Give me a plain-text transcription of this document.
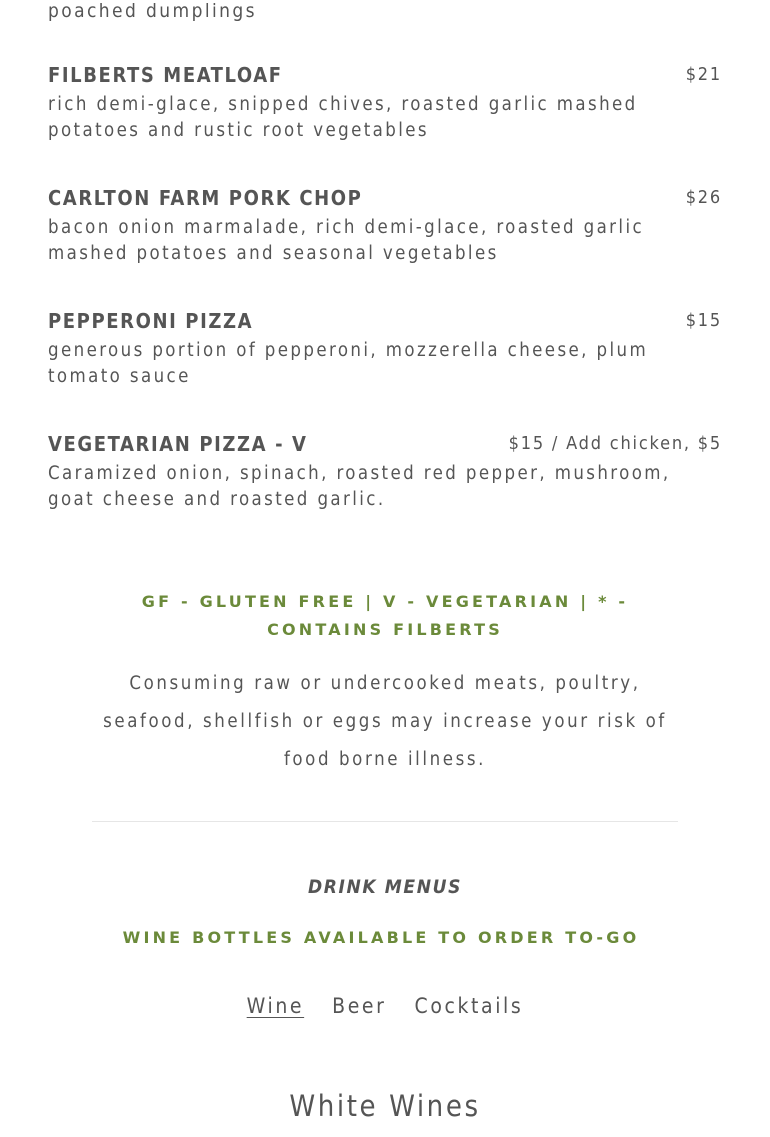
poached dumplings

FILBERTS MEATLOAF	$21

rich demi-glace, snipped chives, roasted garlic mashed potatoes and rustic root vegetables

CARLTON FARM PORK CHOP	$26

bacon onion marmalade, rich demi-glace, roasted garlic mashed potatoes and seasonal vegetables

PEPPERONI PIZZA	$15

generous portion of pepperoni, mozzerella cheese, plum tomato sauce

VEGETARIAN PIZZA - V	$15 / Add chicken, $5

Caramized onion, spinach, roasted red pepper, mushroom, goat cheese and roasted garlic.

GF - GLUTEN FREE | V - VEGETARIAN | * - CONTAINS FILBERTS

Consuming raw or undercooked meats, poultry, seafood, shellfish or eggs may increase your risk of food borne illness.

DRINK MENUS

WINE BOTTLES AVAILABLE TO ORDER TO-GO

Wine Beer Cocktails
White Wines
